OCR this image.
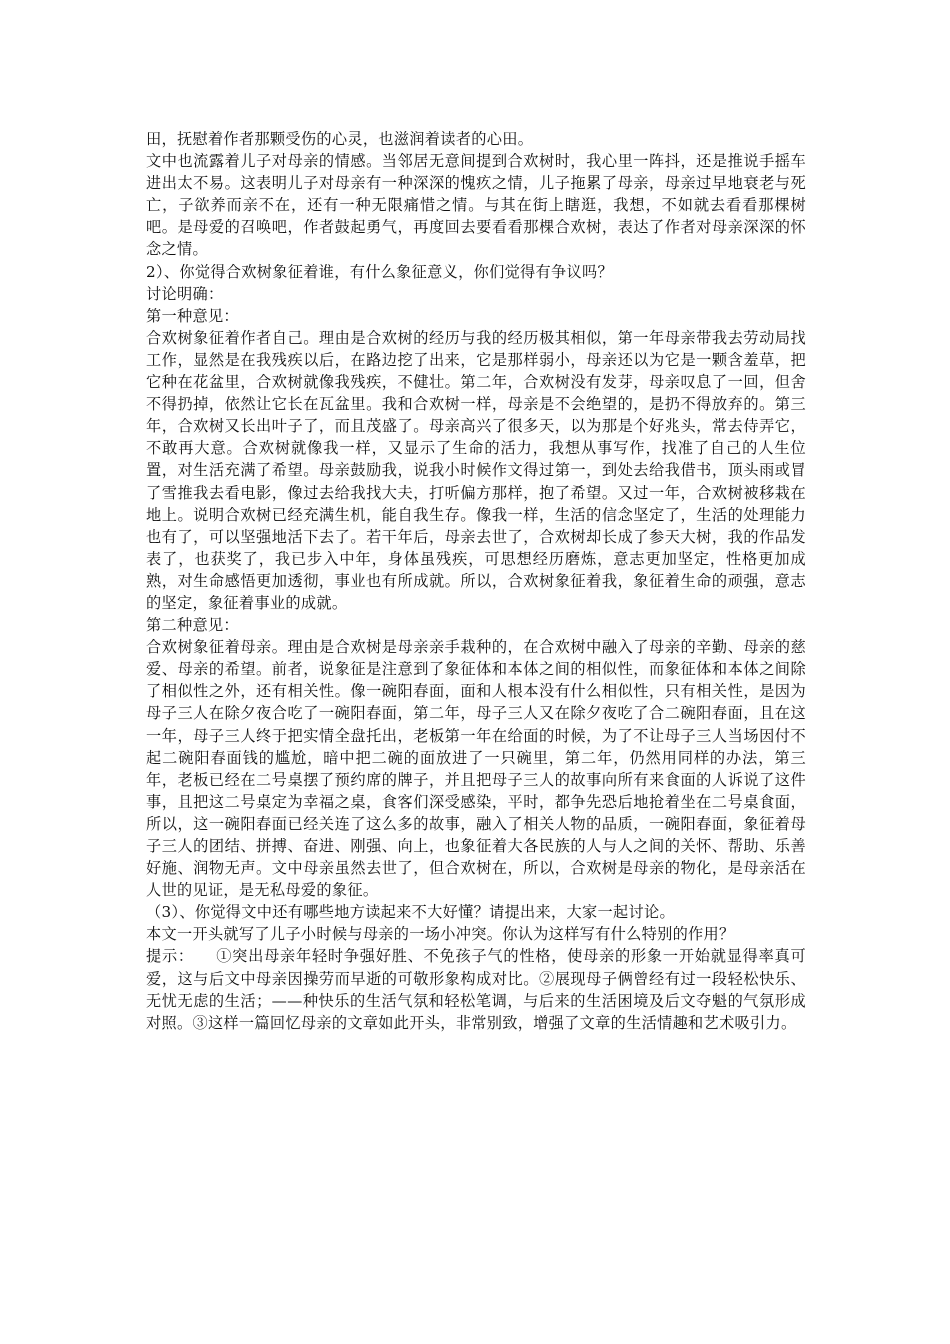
田，抚慰着作者那颗受伤的心灵，也滋润着读者的心田。

文中也流露着儿子对母亲的情感。当邻居无意间提到合欢树时，我心里一阵抖，还是推说手摇车进出太不易。这表明儿子对母亲有一种深深的愧疚之情，儿子拖累了母亲，母亲过早地衰老与死亡，子欲养而亲不在，还有一种无限痛惜之情。与其在街上瞎逛，我想，不如就去看看那棵树吧。是母爱的召唤吧，作者鼓起勇气，再度回去要看看那棵合欢树，表达了作者对母亲深深的怀念之情。

2）、你觉得合欢树象征着谁，有什么象征意义，你们觉得有争议吗？

讨论明确：

第一种意见：

合欢树象征着作者自己。理由是合欢树的经历与我的经历极其相似，第一年母亲带我去劳动局找工作，显然是在我残疾以后，在路边挖了出来，它是那样弱小，母亲还以为它是一颗含羞草，把它种在花盆里，合欢树就像我残疾，不健壮。第二年，合欢树没有发芽，母亲叹息了一回，但舍不得扔掉，依然让它长在瓦盆里。我和合欢树一样，母亲是不会绝望的，是扔不得放弃的。第三年，合欢树又长出叶子了，而且茂盛了。母亲高兴了很多天，以为那是个好兆头，常去侍弄它，不敢再大意。合欢树就像我一样，又显示了生命的活力，我想从事写作，找准了自己的人生位置，对生活充满了希望。母亲鼓励我，说我小时候作文得过第一，到处去给我借书，顶头雨或冒了雪推我去看电影，像过去给我找大夫，打听偏方那样，抱了希望。又过一年，合欢树被移栽在地上。说明合欢树已经充满生机，能自我生存。像我一样，生活的信念坚定了，生活的处理能力也有了，可以坚强地活下去了。若干年后，母亲去世了，合欢树却长成了参天大树，我的作品发表了，也获奖了，我已步入中年，身体虽残疾，可思想经历磨炼，意志更加坚定，性格更加成熟，对生命感悟更加透彻，事业也有所成就。所以，合欢树象征着我，象征着生命的顽强，意志的坚定，象征着事业的成就。

第二种意见：

合欢树象征着母亲。理由是合欢树是母亲亲手栽种的，在合欢树中融入了母亲的辛勤、母亲的慈爱、母亲的希望。前者，说象征是注意到了象征体和本体之间的相似性，而象征体和本体之间除了相似性之外，还有相关性。像一碗阳春面，面和人根本没有什么相似性，只有相关性，是因为母子三人在除夕夜合吃了一碗阳春面，第二年，母子三人又在除夕夜吃了合二碗阳春面，且在这一年，母子三人终于把实情全盘托出，老板第一年在给面的时候，为了不让母子三人当场因付不起二碗阳春面钱的尴尬，暗中把二碗的面放进了一只碗里，第二年，仍然用同样的办法，第三年，老板已经在二号桌摆了预约席的牌子，并且把母子三人的故事向所有来食面的人诉说了这件事，且把这二号桌定为幸福之桌，食客们深受感染，平时，都争先恐后地抢着坐在二号桌食面，所以，这一碗阳春面已经关连了这么多的故事，融入了相关人物的品质，一碗阳春面，象征着母子三人的团结、拼搏、奋进、刚强、向上，也象征着大各民族的人与人之间的关怀、帮助、乐善好施、润物无声。文中母亲虽然去世了，但合欢树在，所以，合欢树是母亲的物化，是母亲活在人世的见证，是无私母爱的象征。

（3）、你觉得文中还有哪些地方读起来不大好懂？请提出来，大家一起讨论。

本文一开头就写了儿子小时候与母亲的一场小冲突。你认为这样写有什么特别的作用？

提示：    ①突出母亲年轻时争强好胜、不免孩子气的性格，使母亲的形象一开始就显得率真可爱，这与后文中母亲因操劳而早逝的可敬形象构成对比。②展现母子俩曾经有过一段轻松快乐、无忧无虑的生活；——种快乐的生活气氛和轻松笔调，与后来的生活困境及后文夺魁的气氛形成对照。③这样一篇回忆母亲的文章如此开头，非常别致，增强了文章的生活情趣和艺术吸引力。
